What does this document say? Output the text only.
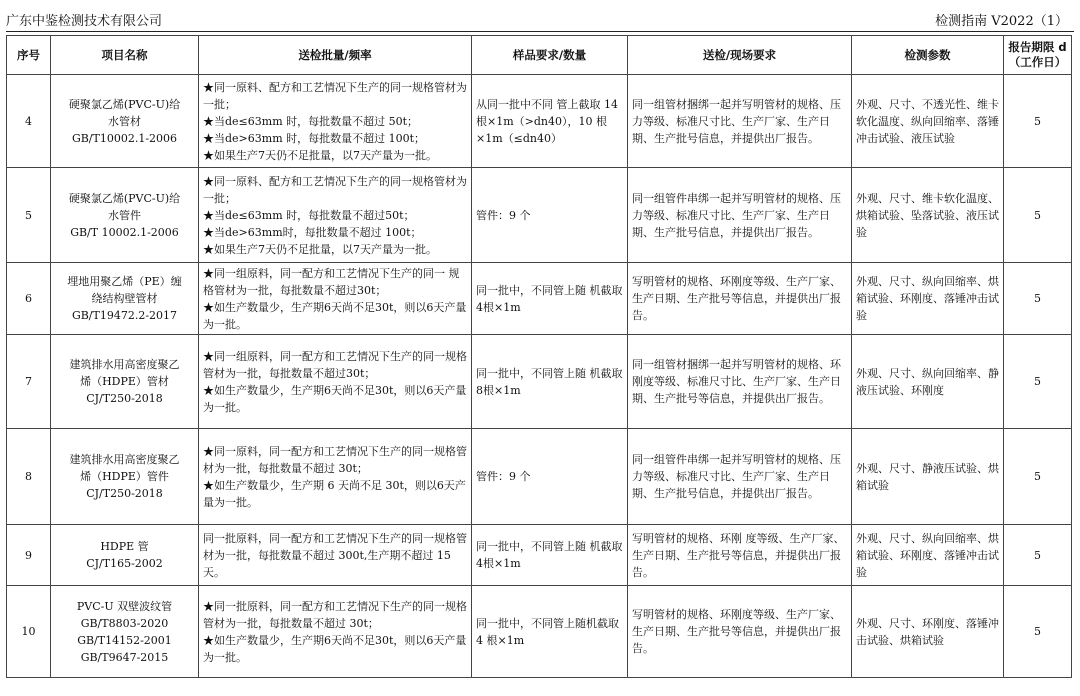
广东中鉴检测技术有限公司	检测指南 V2022（1）
序号	项目名称	送检批量/频率	样品要求/数量	送检/现场要求	检测参数	报告期限 d（工作日）
4	硬聚氯乙烯(PVC-U)给
水管材
GB/T10002.1-2006	★同一原料、配方和工艺情况下生产的同一规格管材为一批；
★当de≤63mm 时，每批数量不超过 50t；
★当de>63mm 时，每批数量不超过 100t；
★如果生产7天仍不足批量，以7天产量为一批。	从同一批中不同 管上截取 14 根×1m（>dn40），10 根×1m（≤dn40）	同一组管材捆绑一起并写明管材的规格、压力等级、标准尺寸比、生产厂家、生产日期、生产批号信息，并提供出厂报告。	外观、尺寸、不透光性、维卡软化温度、纵向回缩率、落锤冲击试验、液压试验	5
5	硬聚氯乙烯(PVC-U)给
水管件
GB/T 10002.1-2006	★同一原料、配方和工艺情况下生产的同一规格管材为一批；
★当de≤63mm 时，每批数量不超过50t；
★当de>63mm时，每批数量不超过 100t；
★如果生产7天仍不足批量，以7天产量为一批。	管件：9 个	同一组管件串绑一起并写明管材的规格、压力等级、标准尺寸比、生产厂家、生产日期、生产批号信息，并提供出厂报告。	外观、尺寸、维卡软化温度、烘箱试验、坠落试验、液压试验	5
6	埋地用聚乙烯（PE）缠
绕结构壁管材
GB/T19472.2-2017	★同一组原料，同一配方和工艺情况下生产的同一 规格管材为一批，每批数量不超过30t；
★如生产数量少，生产期6天尚不足30t，则以6天产量为一批。	同一批中，不同管上随 机截取 4根×1m	写明管材的规格、环刚度等级、生产厂家、生产日期、生产批号等信息，并提供出厂报告。	外观、尺寸、纵向回缩率、烘箱试验、环刚度、落锤冲击试验	5
7	建筑排水用高密度聚乙
烯（HDPE）管材
CJ/T250-2018	★同一组原料，同一配方和工艺情况下生产的同一规格管材为一批，每批数量不超过30t；
★如生产数量少，生产期6天尚不足30t，则以6天产量为一批。	同一批中，不同管上随 机截取 8根×1m	同一组管材捆绑一起并写明管材的规格、环刚度等级、标准尺寸比、生产厂家、生产日期、生产批号等信息，并提供出厂报告。	外观、尺寸、纵向回缩率、静液压试验、环刚度	5
8	建筑排水用高密度聚乙
烯（HDPE）管件
CJ/T250-2018	★同一原料，同一配方和工艺情况下生产的同一规格管材为一批，每批数量不超过 30t；
★如生产数量少，生产期 6 天尚不足 30t，则以6天产量为一批。	管件：9 个	同一组管件串绑一起并写明管材的规格、压力等级、标准尺寸比、生产厂家、生产日期、生产批号信息，并提供出厂报告。	外观、尺寸、静液压试验、烘箱试验	5
9	HDPE 管
CJ/T165-2002	同一批原料，同一配方和工艺情况下生产的同一规格管材为一批，每批数量不超过 300t,生产期不超过 15 天。	同一批中，不同管上随 机截取 4根×1m	写明管材的规格、环刚 度等级、生产厂家、生产日期、生产批号等信息，并提供出厂报告。	外观、尺寸、纵向回缩率、烘箱试验、环刚度、落锤冲击试验	5
10	PVC-U 双壁波纹管
GB/T8803-2020
GB/T14152-2001
GB/T9647-2015	★同一批原料，同一配方和工艺情况下生产的同一规格管材为一批，每批数量不超过 30t；
★如生产数量少，生产期6天尚不足30t，则以6天产量为一批。	同一批中，不同管上随机截取 4 根×1m	写明管材的规格、环刚度等级、生产厂家、生产日期、生产批号等信息，并提供出厂报告。	外观、尺寸、环刚度、落锤冲击试验、烘箱试验	5
